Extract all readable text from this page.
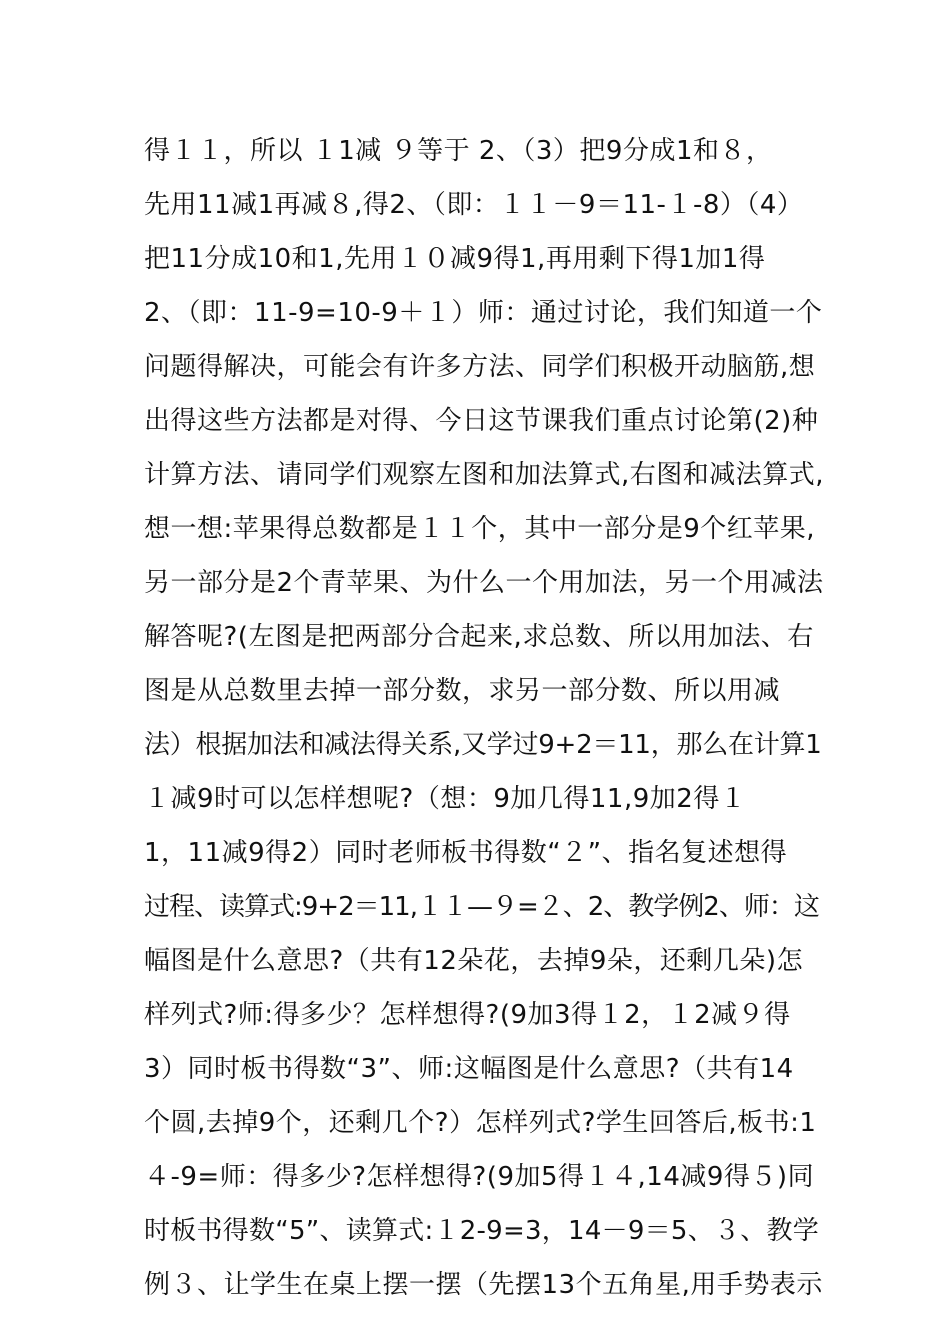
得１１，所以 １1减 ９等于 2、（3）把9分成1和８，
先用11减1再减８,得2、（即：１１－9＝11-１-8）（4）
把11分成10和1,先用１０减9得1,再用剩下得1加1得
2、（即：11-9=10-9＋１）师：通过讨论，我们知道一个
问题得解决，可能会有许多方法、同学们积极开动脑筋,想
出得这些方法都是对得、今日这节课我们重点讨论第(2)种
计算方法、请同学们观察左图和加法算式,右图和减法算式,
想一想:苹果得总数都是１１个，其中一部分是9个红苹果,
另一部分是2个青苹果、为什么一个用加法，另一个用减法
解答呢?(左图是把两部分合起来,求总数、所以用加法、右
图是从总数里去掉一部分数，求另一部分数、所以用减
法）根据加法和减法得关系,又学过9+2＝11，那么在计算1
１减9时可以怎样想呢?（想：9加几得11,9加2得１
1，11减9得2）同时老师板书得数“２”、指名复述想得
过程、读算式:9+2＝11,１１—９=２、2、教学例2、师：这
幅图是什么意思?（共有12朵花，去掉9朵，还剩几朵)怎
样列式?师:得多少？怎样想得?(9加3得１2，１2减９得
3）同时板书得数“3”、师:这幅图是什么意思?（共有14
个圆,去掉9个，还剩几个?）怎样列式?学生回答后,板书:1
４-9=师：得多少?怎样想得?(9加5得１４,14减9得５)同
时板书得数“5”、读算式:１2-9=3，14－9＝5、３、教学
例３、让学生在桌上摆一摆（先摆13个五角星,用手势表示
